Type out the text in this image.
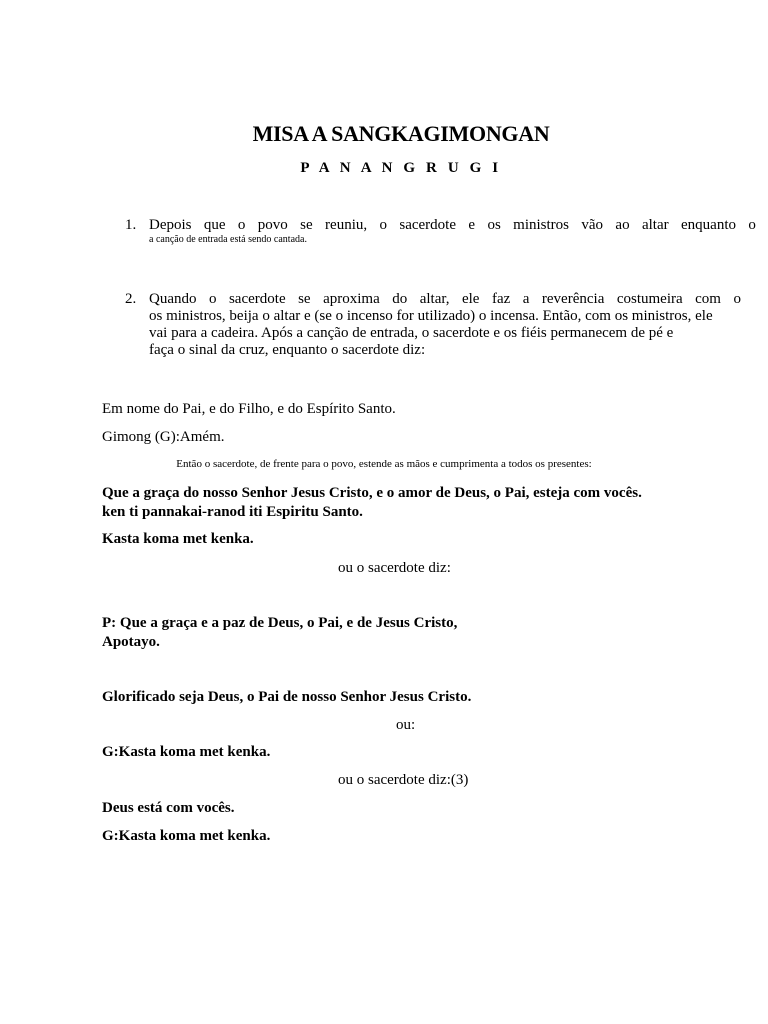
MISA A SANGKAGIMONGAN
P A N A N G R U G I
1. Depois que o povo se reuniu, o sacerdote e os ministros vão ao altar enquanto o
a canção de entrada está sendo cantada.
2. Quando o sacerdote se aproxima do altar, ele faz a reverência costumeira com o
os ministros, beija o altar e (se o incenso for utilizado) o incensa. Então, com os ministros, ele
vai para a cadeira. Após a canção de entrada, o sacerdote e os fiéis permanecem de pé e
faça o sinal da cruz, enquanto o sacerdote diz:
Em nome do Pai, e do Filho, e do Espírito Santo.
Gimong (G):Amém.
Então o sacerdote, de frente para o povo, estende as mãos e cumprimenta a todos os presentes:
Que a graça do nosso Senhor Jesus Cristo, e o amor de Deus, o Pai, esteja com vocês.
ken ti pannakai-ranod iti Espiritu Santo.
Kasta koma met kenka.
ou o sacerdote diz:
P: Que a graça e a paz de Deus, o Pai, e de Jesus Cristo,
Apotayo.
Glorificado seja Deus, o Pai de nosso Senhor Jesus Cristo.
ou:
G:Kasta koma met kenka.
ou o sacerdote diz:(3)
Deus está com vocês.
G:Kasta koma met kenka.
